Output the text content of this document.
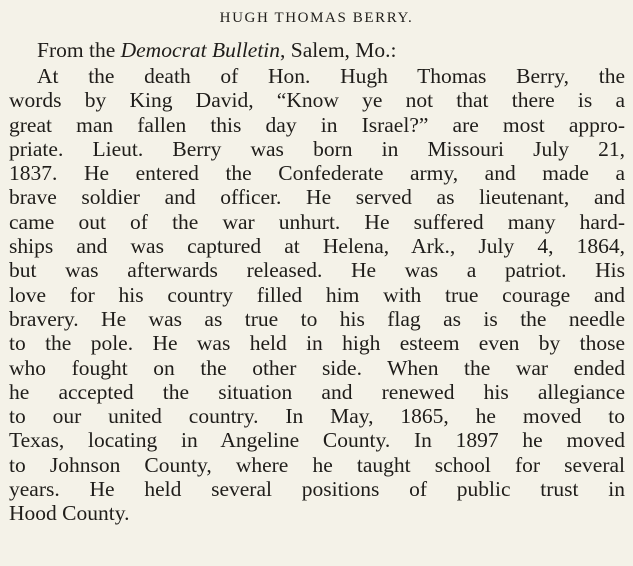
HUGH THOMAS BERRY.
From the Democrat Bulletin, Salem, Mo.:
At the death of Hon. Hugh Thomas Berry, the
words by King David, “Know ye not that there is a
great man fallen this day in Israel?” are most appro-
priate. Lieut. Berry was born in Missouri July 21,
1837. He entered the Confederate army, and made a
brave soldier and officer. He served as lieutenant, and
came out of the war unhurt. He suffered many hard-
ships and was captured at Helena, Ark., July 4, 1864,
but was afterwards released. He was a patriot. His
love for his country filled him with true courage and
bravery. He was as true to his flag as is the needle
to the pole. He was held in high esteem even by those
who fought on the other side. When the war ended
he accepted the situation and renewed his allegiance
to our united country. In May, 1865, he moved to
Texas, locating in Angeline County. In 1897 he moved
to Johnson County, where he taught school for several
years. He held several positions of public trust in
Hood County.
